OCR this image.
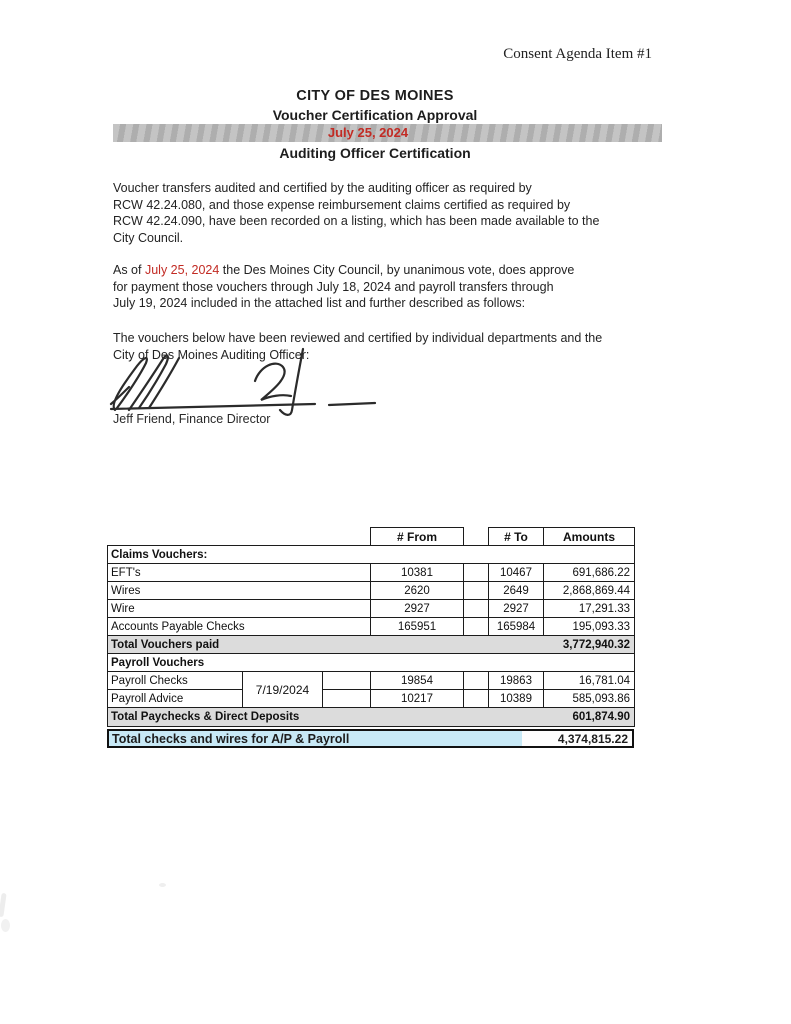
Consent Agenda Item #1
CITY OF DES MOINES
Voucher Certification Approval
July 25, 2024
Auditing Officer Certification
Voucher transfers audited and certified by the auditing officer as required by
RCW 42.24.080, and those expense reimbursement claims certified as required by
RCW 42.24.090, have been recorded on a listing, which has been made available to the
City Council.
As of July 25, 2024 the Des Moines City Council, by unanimous vote, does approve
for payment those vouchers through July 18, 2024 and payroll transfers through
July 19, 2024 included in the attached list and further described as follows:
The vouchers below have been reviewed and certified by individual departments and the
City of Des Moines Auditing Officer:
Jeff Friend, Finance Director
			# From		# To	Amounts
Claims Vouchers:						
EFT's			10381		10467	691,686.22
Wires			2620		2649	2,868,869.44
Wire			2927		2927	17,291.33
Accounts Payable Checks			165951		165984	195,093.33

Total Vouchers paid 3,772,940.32						

Payroll Vouchers						
Payroll Checks	7/19/2024		19854		19863	16,781.04
Payroll Advice			10217		10389	585,093.86

Total Paychecks & Direct Deposits 601,874.90						
Total checks and wires for A/P & Payroll	4,374,815.22
